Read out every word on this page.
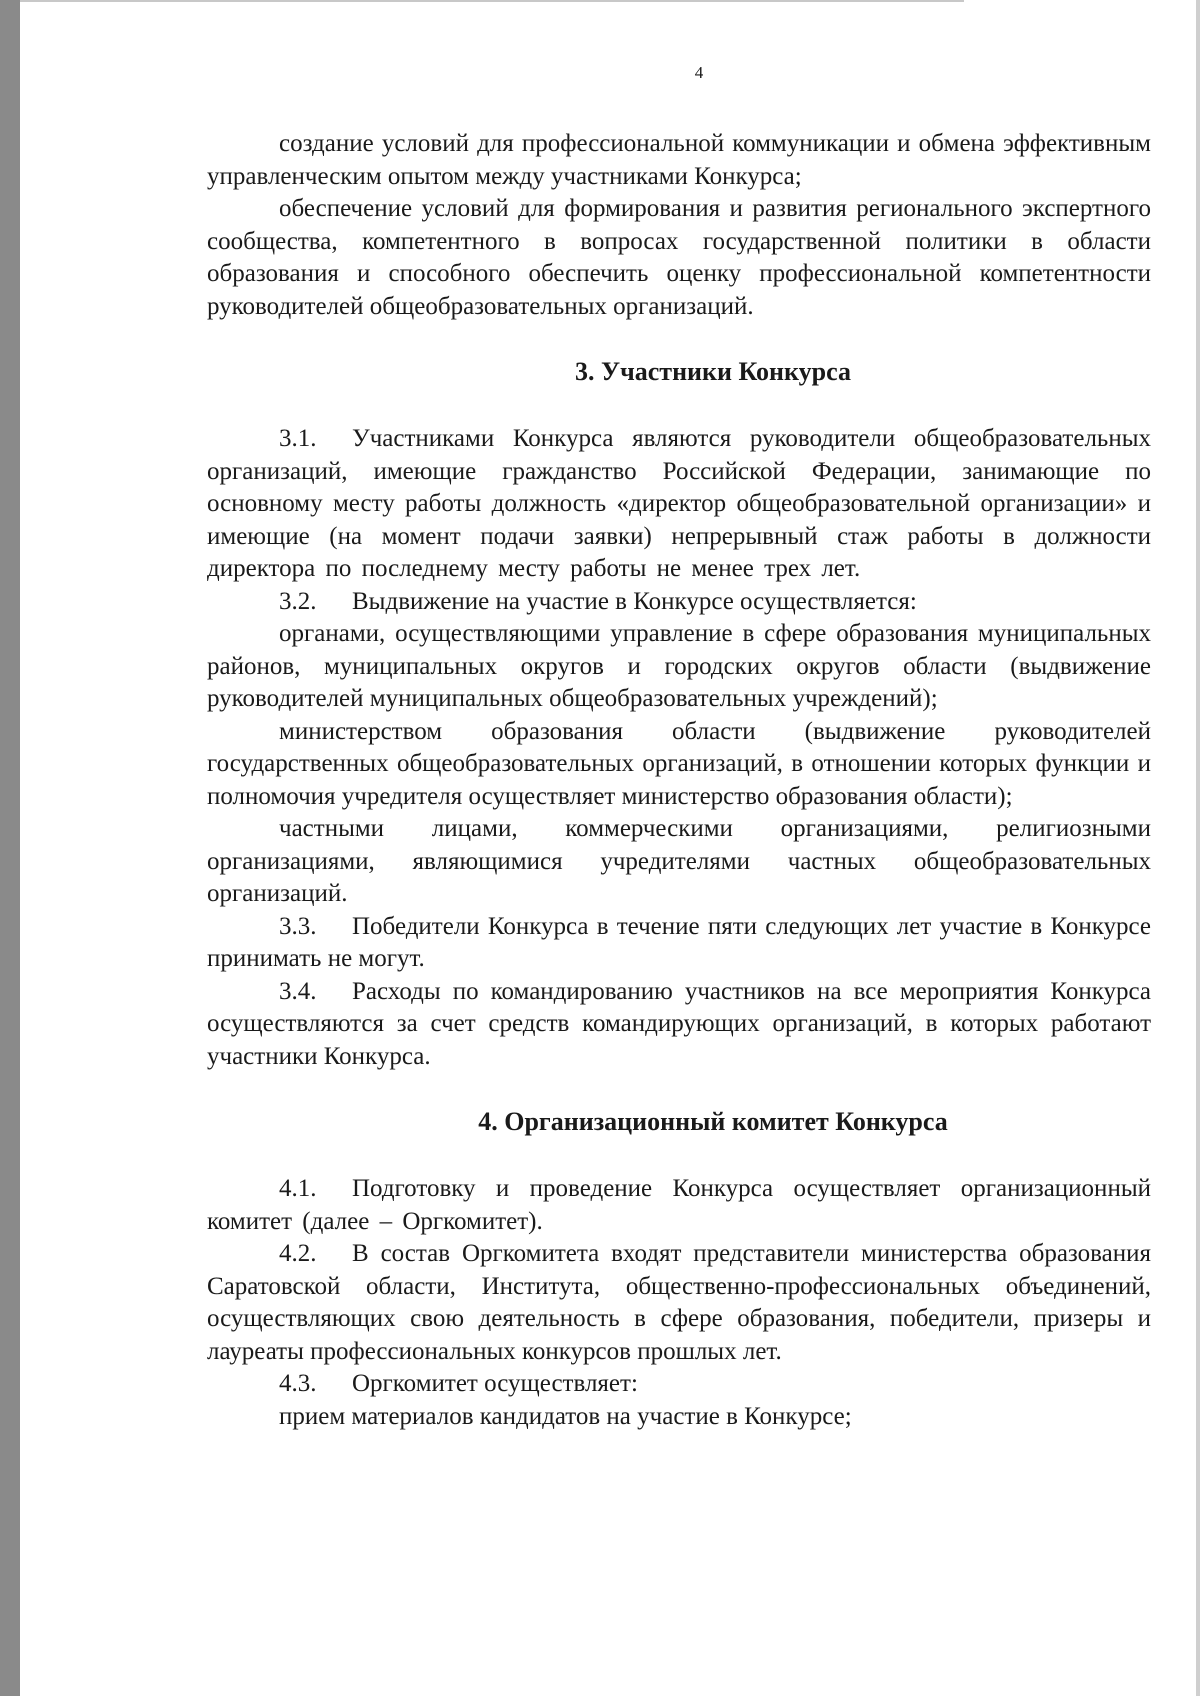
4

создание условий для профессиональной коммуникации и обмена эффективным управленческим опытом между участниками Конкурса;

обеспечение условий для формирования и развития регионального экспертного сообщества, компетентного в вопросах государственной политики в области образования и способного обеспечить оценку профессиональной компетентности руководителей общеобразовательных организаций.

3. Участники Конкурса

3.1. Участниками Конкурса являются руководители общеобразовательных организаций, имеющие гражданство Российской Федерации, занимающие по основному месту работы должность «директор общеобразовательной организации» и имеющие (на момент подачи заявки) непрерывный стаж работы в должности директора по последнему месту работы не менее трех лет.

3.2. Выдвижение на участие в Конкурсе осуществляется:

органами, осуществляющими управление в сфере образования муниципальных районов, муниципальных округов и городских округов области (выдвижение руководителей муниципальных общеобразовательных учреждений);

министерством образования области (выдвижение руководителей государственных общеобразовательных организаций, в отношении которых функции и полномочия учредителя осуществляет министерство образования области);

частными лицами, коммерческими организациями, религиозными организациями, являющимися учредителями частных общеобразовательных организаций.

3.3. Победители Конкурса в течение пяти следующих лет участие в Конкурсе принимать не могут.

3.4. Расходы по командированию участников на все мероприятия Конкурса осуществляются за счет средств командирующих организаций, в которых работают участники Конкурса.

4. Организационный комитет Конкурса

4.1. Подготовку и проведение Конкурса осуществляет организационный комитет (далее – Оргкомитет).

4.2. В состав Оргкомитета входят представители министерства образования Саратовской области, Института, общественно-профессиональных объединений, осуществляющих свою деятельность в сфере образования, победители, призеры и лауреаты профессиональных конкурсов прошлых лет.

4.3. Оргкомитет осуществляет:

прием материалов кандидатов на участие в Конкурсе;
